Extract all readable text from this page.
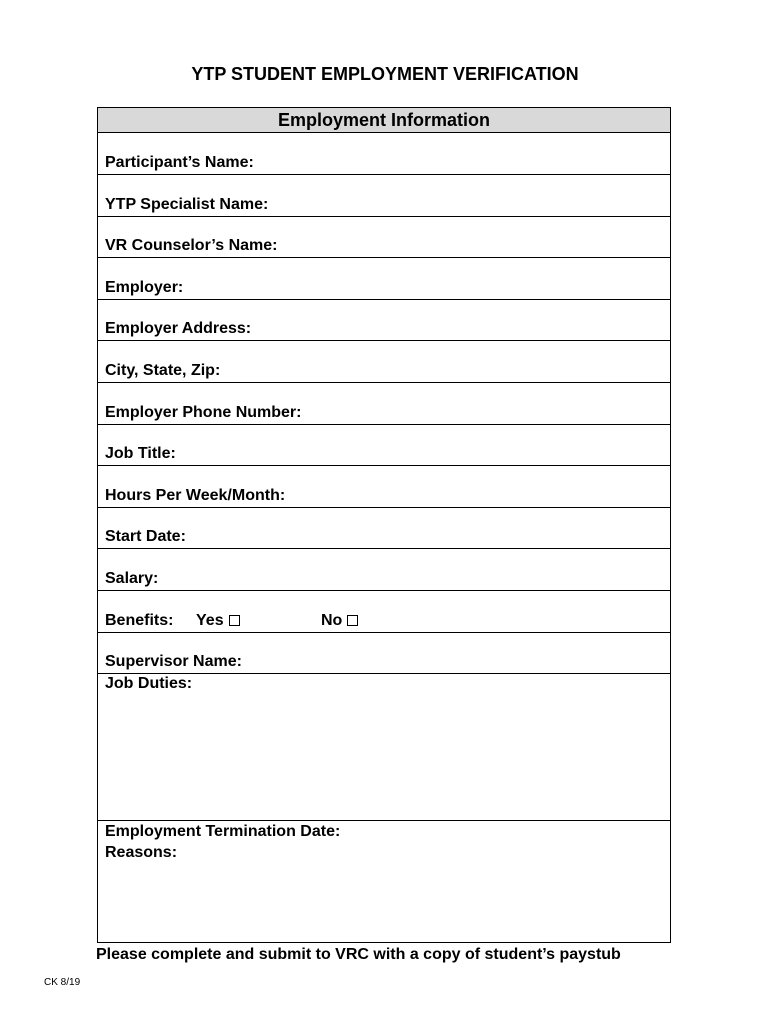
YTP STUDENT EMPLOYMENT VERIFICATION
Employment Information
Participant’s Name:
YTP Specialist Name:
VR Counselor’s Name:
Employer:
Employer Address:
City, State, Zip:
Employer Phone Number:
Job Title:
Hours Per Week/Month:
Start Date:
Salary:
Benefits: Yes	No
Supervisor Name:
Job Duties:
Employment Termination Date:
Reasons:
Please complete and submit to VRC with a copy of student’s paystub
CK 8/19
